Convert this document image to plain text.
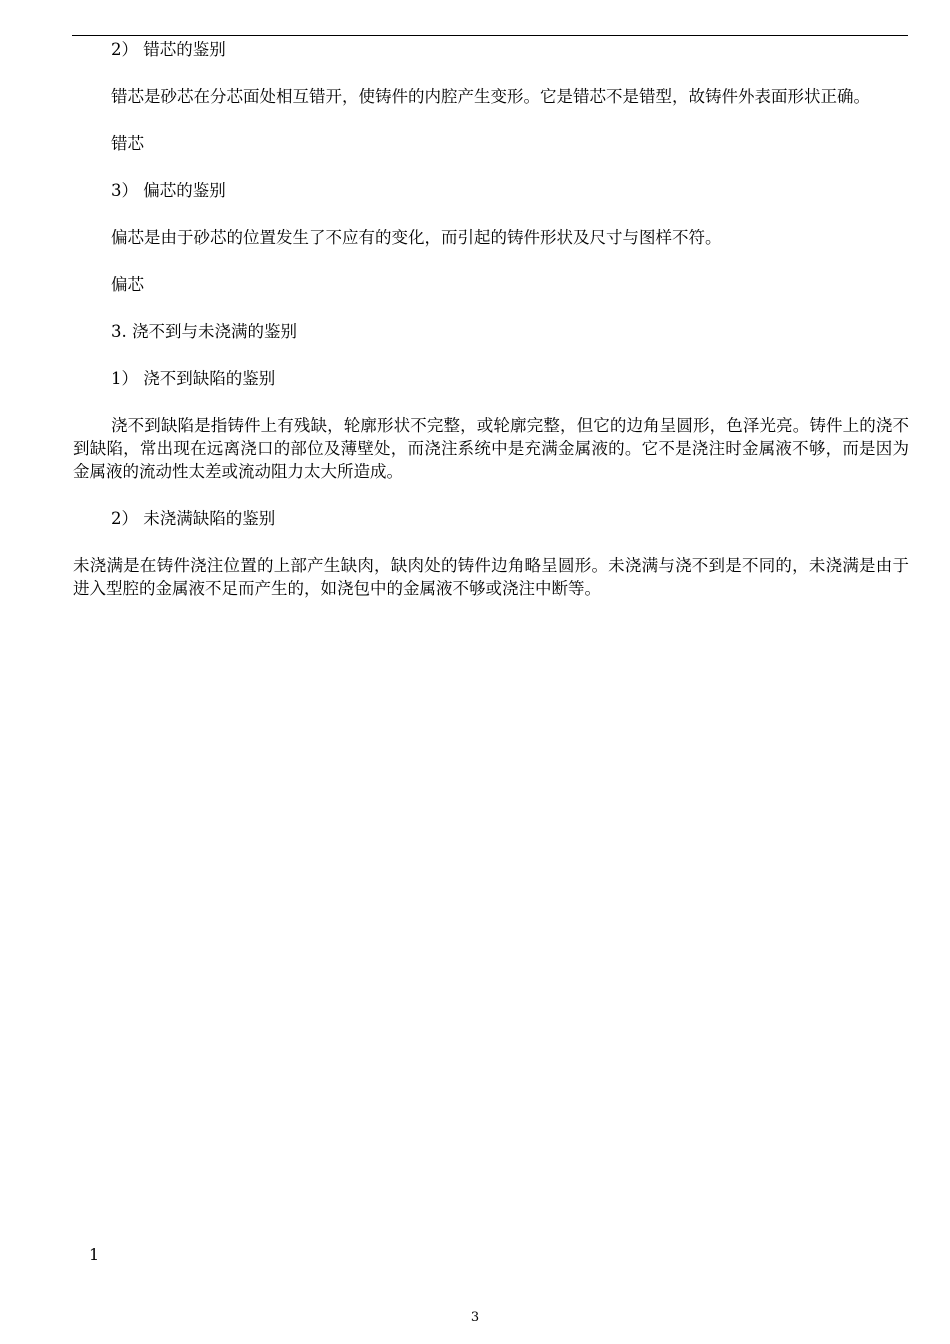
2） 错芯的鉴别

错芯是砂芯在分芯面处相互错开，使铸件的内腔产生变形。它是错芯不是错型，故铸件外表面形状正确。

错芯

3） 偏芯的鉴别

偏芯是由于砂芯的位置发生了不应有的变化，而引起的铸件形状及尺寸与图样不符。

偏芯

3. 浇不到与未浇满的鉴别

1） 浇不到缺陷的鉴别

浇不到缺陷是指铸件上有残缺，轮廓形状不完整，或轮廓完整，但它的边角呈圆形，色泽光亮。铸件上的浇不到缺陷，常出现在远离浇口的部位及薄壁处，而浇注系统中是充满金属液的。它不是浇注时金属液不够，而是因为金属液的流动性太差或流动阻力太大所造成。

2） 未浇满缺陷的鉴别

未浇满是在铸件浇注位置的上部产生缺肉，缺肉处的铸件边角略呈圆形。未浇满与浇不到是不同的，未浇满是由于进入型腔的金属液不足而产生的，如浇包中的金属液不够或浇注中断等。

1
3
